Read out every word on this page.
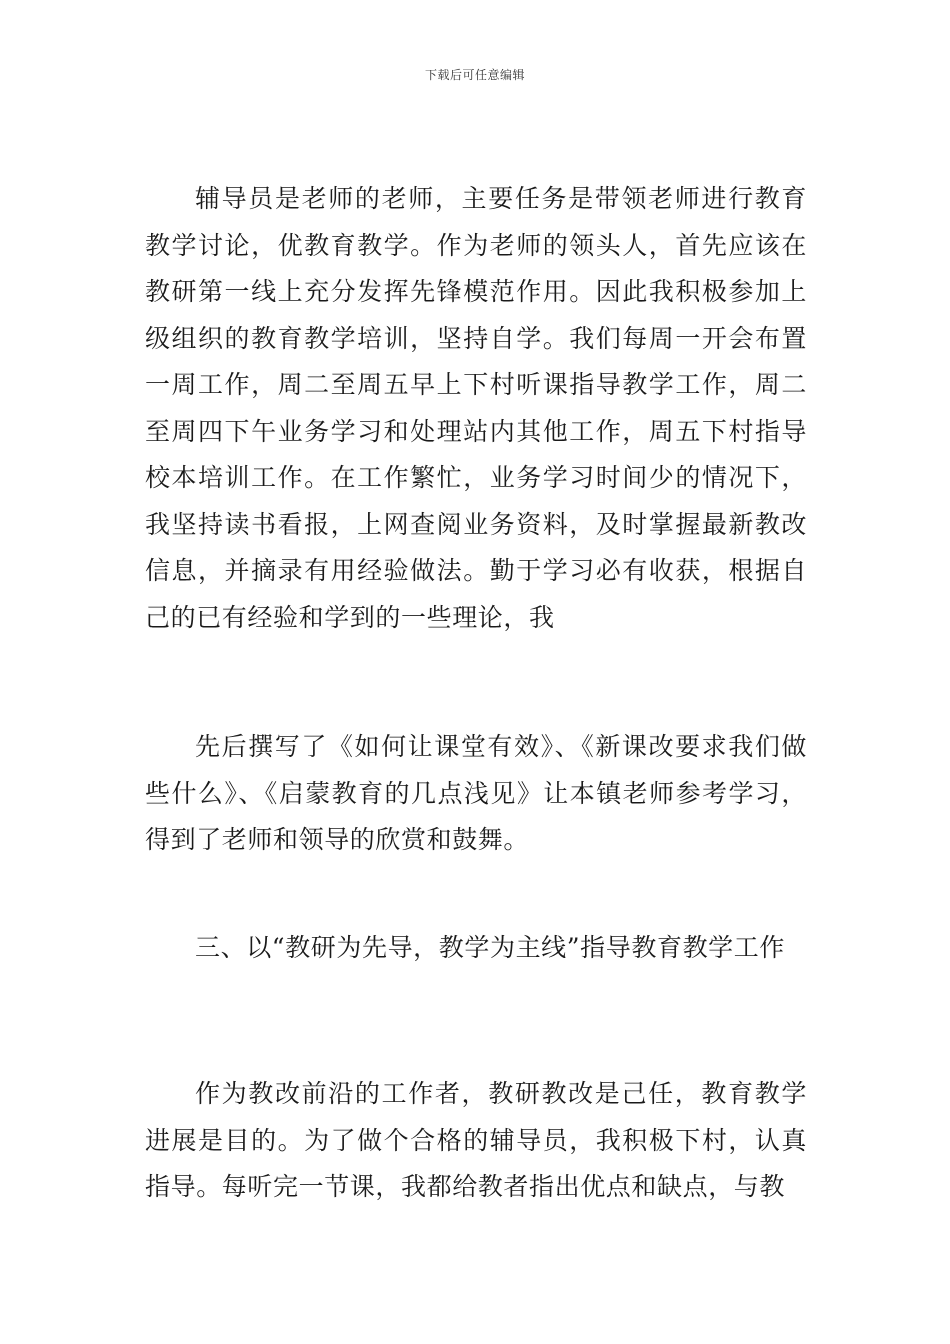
下载后可任意编辑

辅导员是老师的老师，主要任务是带领老师进行教育教学讨论，优教育教学。作为老师的领头人，首先应该在教研第一线上充分发挥先锋模范作用。因此我积极参加上级组织的教育教学培训，坚持自学。我们每周一开会布置一周工作，周二至周五早上下村听课指导教学工作，周二至周四下午业务学习和处理站内其他工作，周五下村指导校本培训工作。在工作繁忙，业务学习时间少的情况下，我坚持读书看报，上网查阅业务资料，及时掌握最新教改信息，并摘录有用经验做法。勤于学习必有收获，根据自己的已有经验和学到的一些理论，我

先后撰写了《如何让课堂有效》、《新课改要求我们做些什么》、《启蒙教育的几点浅见》让本镇老师参考学习，得到了老师和领导的欣赏和鼓舞。

三、以“教研为先导，教学为主线”指导教育教学工作

作为教改前沿的工作者，教研教改是己任，教育教学进展是目的。为了做个合格的辅导员，我积极下村，认真指导。每听完一节课，我都给教者指出优点和缺点，与教
